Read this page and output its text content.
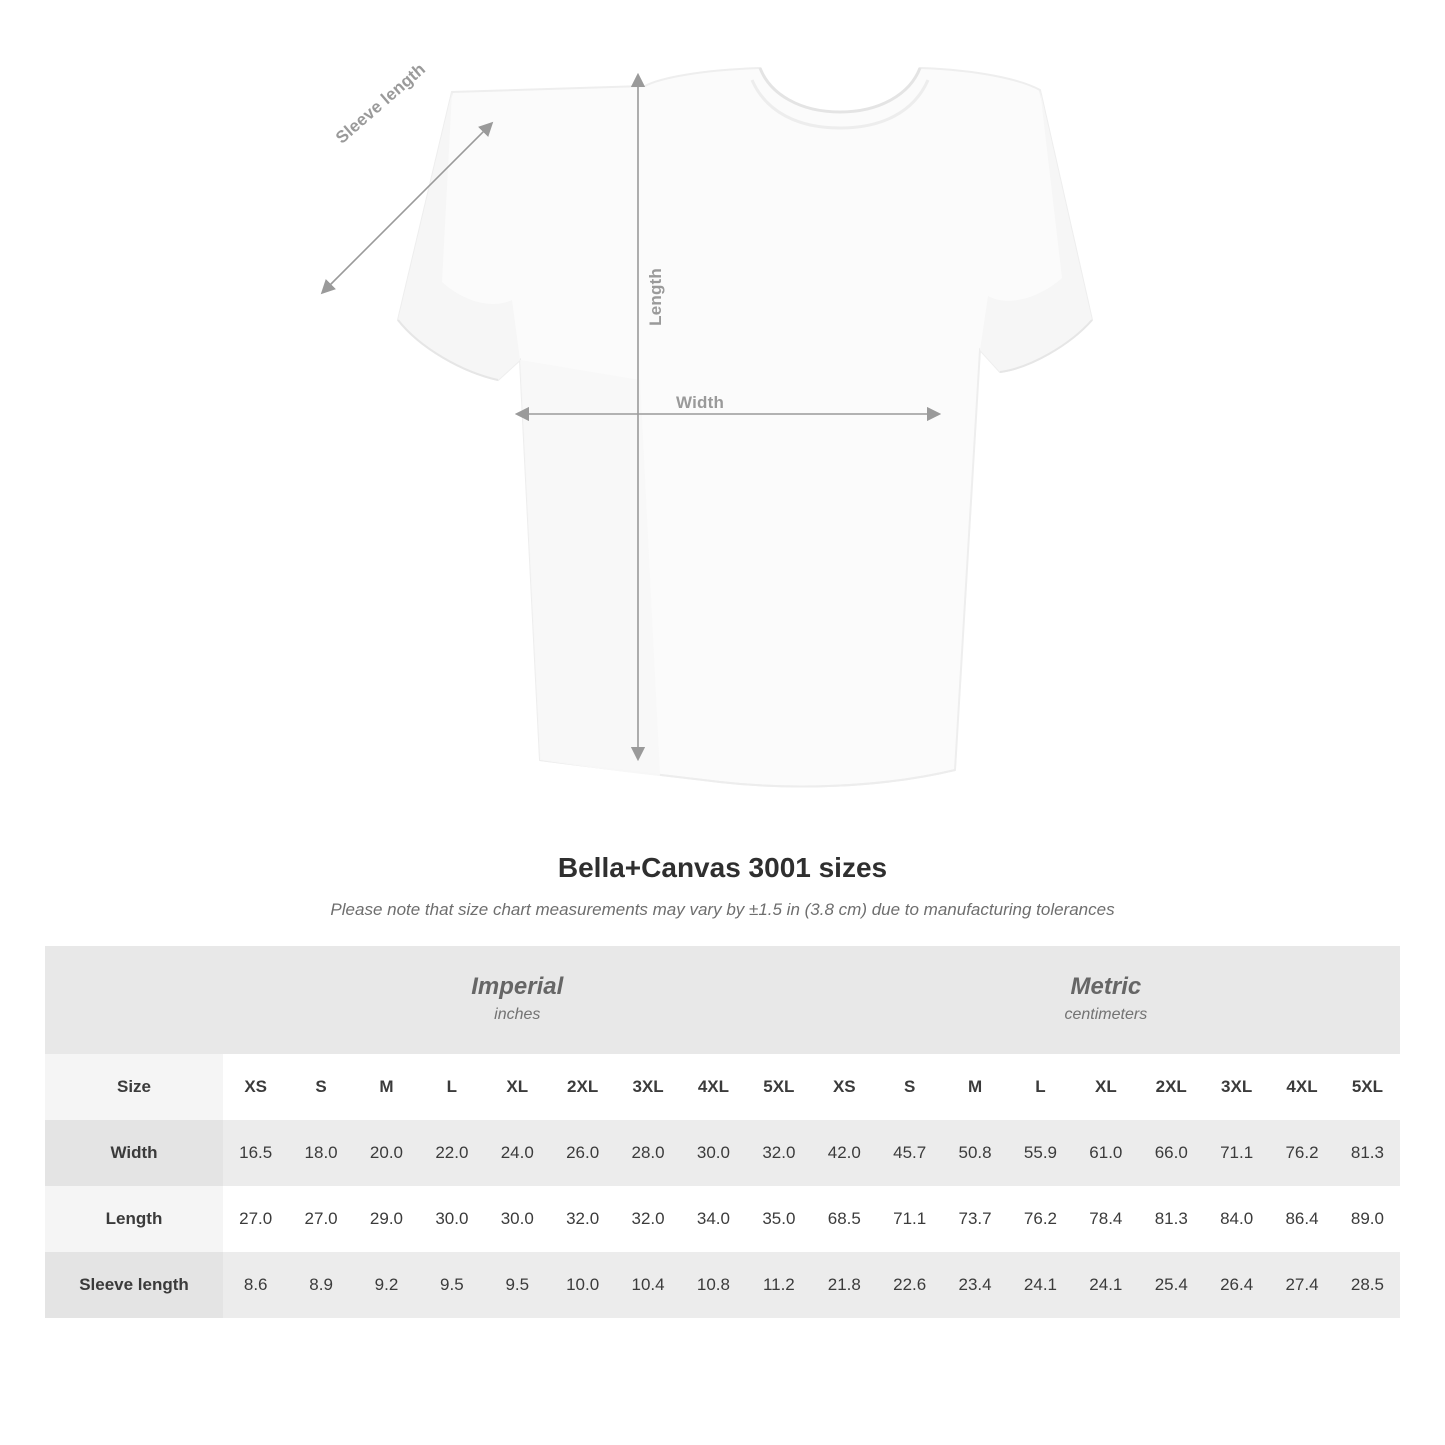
Length
Width
Sleeve length
Bella+Canvas 3001 sizes
Please note that size chart measurements may vary by ±1.5 in (3.8 cm) due to manufacturing tolerances

Imperial
inches

Metric
centimeters

Size	XS	S	M	L	XL	2XL	3XL	4XL	5XL	XS	S	M	L	XL	2XL	3XL	4XL	5XL
Width	16.5	18.0	20.0	22.0	24.0	26.0	28.0	30.0	32.0	42.0	45.7	50.8	55.9	61.0	66.0	71.1	76.2	81.3
Length	27.0	27.0	29.0	30.0	30.0	32.0	32.0	34.0	35.0	68.5	71.1	73.7	76.2	78.4	81.3	84.0	86.4	89.0
Sleeve length	8.6	8.9	9.2	9.5	9.5	10.0	10.4	10.8	11.2	21.8	22.6	23.4	24.1	24.1	25.4	26.4	27.4	28.5
